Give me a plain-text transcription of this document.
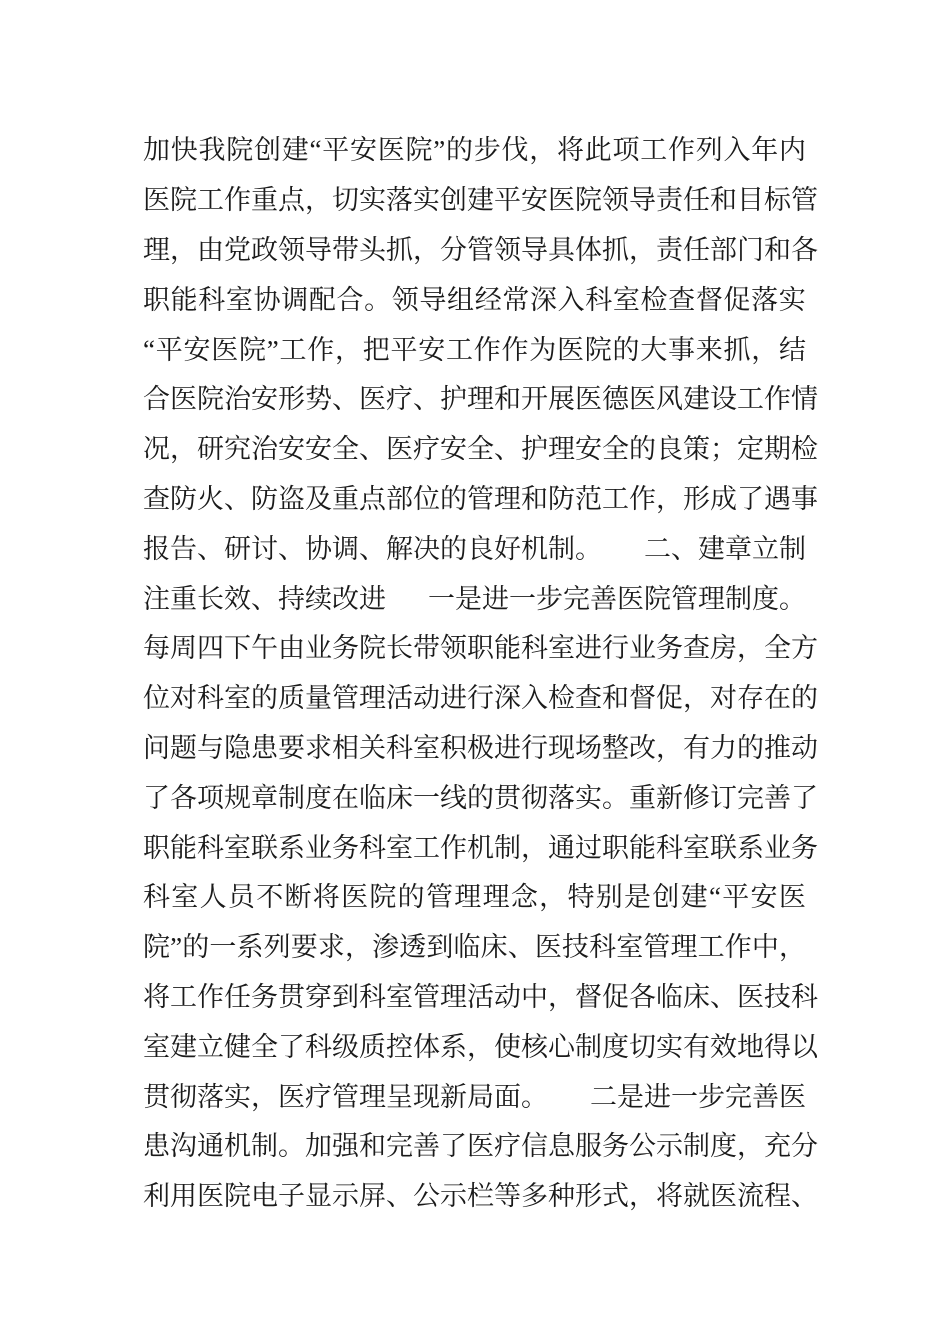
加 快 我 院 创 建 “ 平 安 医 院 ” 的 步 伐 ， 将 此 项 工 作 列 入 年 内
医 院 工 作 重 点 ， 切 实 落 实 创 建 平 安 医 院 领 导 责 任 和 目 标 管
理 ， 由 党 政 领 导 带 头 抓 ， 分 管 领 导 具 体 抓 ， 责 任 部 门 和 各
职 能 科 室 协 调 配 合 。 领 导 组 经 常 深 入 科 室 检 查 督 促 落 实
“ 平 安 医 院 ” 工 作 ， 把 平 安 工 作 作 为 医 院 的 大 事 来 抓 ， 结
合 医 院 治 安 形 势 、 医 疗 、 护 理 和 开 展 医 德 医 风 建 设 工 作 情
况 ， 研 究 治 安 安 全 、 医 疗 安 全 、 护 理 安 全 的 良 策 ； 定 期 检
查 防 火 、 防 盗 及 重 点 部 位 的 管 理 和 防 范 工 作 ， 形 成 了 遇 事
报 告 、 研 讨 、 协 调 、 解 决 的 良 好 机 制 。 二 、 建 章 立 制
注 重 长 效 、 持 续 改 进 一 是 进 一 步 完 善 医 院 管 理 制 度 。
每 周 四 下 午 由 业 务 院 长 带 领 职 能 科 室 进 行 业 务 查 房 ， 全 方
位 对 科 室 的 质 量 管 理 活 动 进 行 深 入 检 查 和 督 促 ， 对 存 在 的
问 题 与 隐 患 要 求 相 关 科 室 积 极 进 行 现 场 整 改 ， 有 力 的 推 动
了 各 项 规 章 制 度 在 临 床 一 线 的 贯 彻 落 实 。 重 新 修 订 完 善 了
职 能 科 室 联 系 业 务 科 室 工 作 机 制 ， 通 过 职 能 科 室 联 系 业 务
科 室 人 员 不 断 将 医 院 的 管 理 理 念 ， 特 别 是 创 建 “ 平 安 医
院 ” 的 一 系 列 要 求 ， 渗 透 到 临 床 、 医 技 科 室 管 理 工 作 中 ，
将 工 作 任 务 贯 穿 到 科 室 管 理 活 动 中 ， 督 促 各 临 床 、 医 技 科
室 建 立 健 全 了 科 级 质 控 体 系 ， 使 核 心 制 度 切 实 有 效 地 得 以
贯 彻 落 实 ， 医 疗 管 理 呈 现 新 局 面 。 二 是 进 一 步 完 善 医
患 沟 通 机 制 。 加 强 和 完 善 了 医 疗 信 息 服 务 公 示 制 度 ， 充 分
利 用 医 院 电 子 显 示 屏 、 公 示 栏 等 多 种 形 式 ， 将 就 医 流 程 、
